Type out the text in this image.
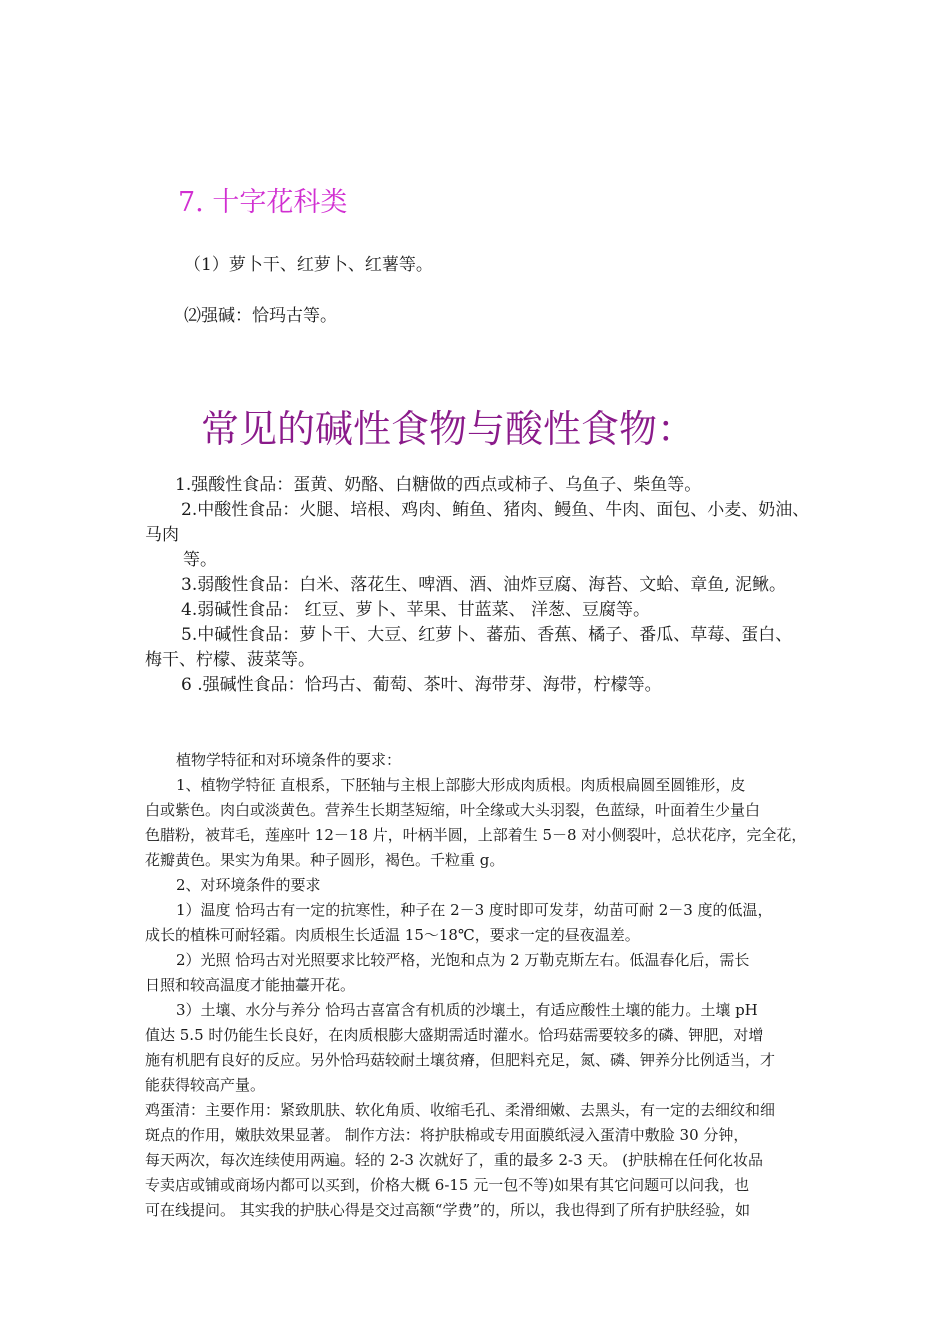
7. 十字花科类
（1）萝卜干、红萝卜、红薯等。
⑵强碱：恰玛古等。
常见的碱性食物与酸性食物：
1.强酸性食品：蛋黄、奶酪、白糖做的西点或柿子、乌鱼子、柴鱼等。
2.中酸性食品：火腿、培根、鸡肉、鲔鱼、猪肉、鳗鱼、牛肉、面包、小麦、奶油、
马肉
等。
3.弱酸性食品：白米、落花生、啤酒、酒、油炸豆腐、海苔、文蛤、章鱼, 泥鳅。
4.弱碱性食品： 红豆、萝卜、苹果、甘蓝菜、 洋葱、豆腐等。
5.中碱性食品：萝卜干、大豆、红萝卜、蕃茄、香蕉、橘子、番瓜、草莓、蛋白、
梅干、柠檬、菠菜等。
6 .强碱性食品：恰玛古、葡萄、茶叶、海带芽、海带，柠檬等。
植物学特征和对环境条件的要求：
1、植物学特征 直根系，下胚轴与主根上部膨大形成肉质根。肉质根扁圆至圆锥形，皮
白或紫色。肉白或淡黄色。营养生长期茎短缩，叶全缘或大头羽裂，色蓝绿，叶面着生少量白
色腊粉，被茸毛，莲座叶 12－18 片，叶柄半圆，上部着生 5－8 对小侧裂叶，总状花序，完全花，
花瓣黄色。果实为角果。种子圆形，褐色。千粒重 g。
2、对环境条件的要求
1）温度 恰玛古有一定的抗寒性，种子在 2－3 度时即可发芽，幼苗可耐 2－3 度的低温，
成长的植株可耐轻霜。肉质根生长适温 15～18℃，要求一定的昼夜温差。
2）光照 恰玛古对光照要求比较严格，光饱和点为 2 万勒克斯左右。低温春化后，需长
日照和较高温度才能抽薹开花。
3）土壤、水分与养分 恰玛古喜富含有机质的沙壤土，有适应酸性土壤的能力。土壤 pH
值达 5.5 时仍能生长良好，在肉质根膨大盛期需适时灌水。恰玛菇需要较多的磷、钾肥，对增
施有机肥有良好的反应。另外恰玛菇较耐土壤贫瘠，但肥料充足，氮、磷、钾养分比例适当，才
能获得较高产量。
鸡蛋清：主要作用：紧致肌肤、软化角质、收缩毛孔、柔滑细嫩、去黑头，有一定的去细纹和细
斑点的作用，嫩肤效果显著。 制作方法：将护肤棉或专用面膜纸浸入蛋清中敷脸 30 分钟，
每天两次，每次连续使用两遍。轻的 2-3 次就好了，重的最多 2-3 天。 (护肤棉在任何化妆品
专卖店或铺或商场内都可以买到，价格大概 6-15 元一包不等)如果有其它问题可以问我，也
可在线提问。 其实我的护肤心得是交过高额“学费”的，所以，我也得到了所有护肤经验，如
